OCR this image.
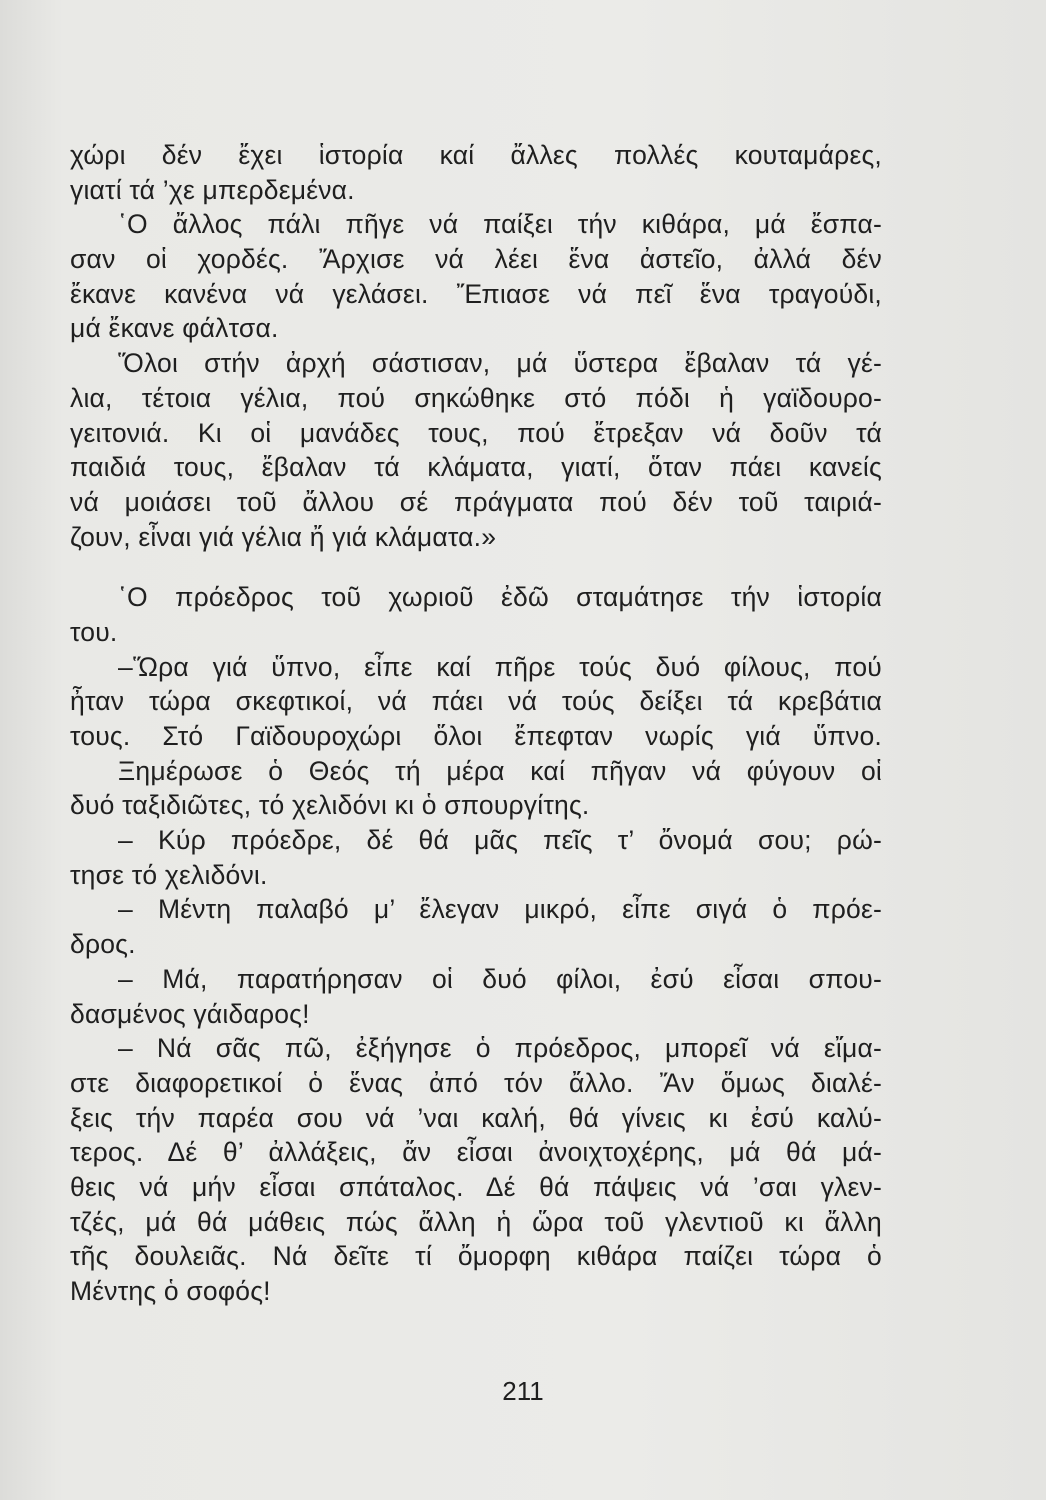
χώρι δέν ἔχει ἱστορία καί ἄλλες πολλές κουταμάρες,
γιατί τά ’χε μπερδεμένα.
῾Ο ἄλλος πάλι πῆγε νά παίξει τήν κιθάρα, μά ἔσπα-
σαν οἱ χορδές. Ἄρχισε νά λέει ἕνα ἀστεῖο, ἀλλά δέν
ἔκανε κανένα νά γελάσει. Ἔπιασε νά πεῖ ἕνα τραγούδι,
μά ἔκανε φάλτσα.
Ὅλοι στήν ἀρχή σάστισαν, μά ὕστερα ἔβαλαν τά γέ-
λια, τέτοια γέλια, πού σηκώθηκε στό πόδι ἡ γαϊδουρο-
γειτονιά. Κι οἱ μανάδες τους, πού ἔτρεξαν νά δοῦν τά
παιδιά τους, ἔβαλαν τά κλάματα, γιατί, ὅταν πάει κανείς
νά μοιάσει τοῦ ἄλλου σέ πράγματα πού δέν τοῦ ταιριά-
ζουν, εἶναι γιά γέλια ἤ γιά κλάματα.»
῾Ο πρόεδρος τοῦ χωριοῦ ἐδῶ σταμάτησε τήν ἱστορία
του.
–Ὥρα γιά ὕπνο, εἶπε καί πῆρε τούς δυό φίλους, πού
ἦταν τώρα σκεφτικοί, νά πάει νά τούς δείξει τά κρεβάτια
τους. Στό Γαϊδουροχώρι ὅλοι ἔπεφταν νωρίς γιά ὕπνο.
Ξημέρωσε ὁ Θεός τή μέρα καί πῆγαν νά φύγουν οἱ
δυό ταξιδιῶτες, τό χελιδόνι κι ὁ σπουργίτης.
– Κύρ πρόεδρε, δέ θά μᾶς πεῖς τ’ ὄνομά σου; ρώ-
τησε τό χελιδόνι.
– Μέντη παλαβό μ’ ἔλεγαν μικρό, εἶπε σιγά ὁ πρόε-
δρος.
– Μά, παρατήρησαν οἱ δυό φίλοι, ἐσύ εἶσαι σπου-
δασμένος γάιδαρος!
– Νά σᾶς πῶ, ἐξήγησε ὁ πρόεδρος, μπορεῖ νά εἴμα-
στε διαφορετικοί ὁ ἕνας ἀπό τόν ἄλλο. Ἄν ὅμως διαλέ-
ξεις τήν παρέα σου νά ’ναι καλή, θά γίνεις κι ἐσύ καλύ-
τερος. Δέ θ’ ἀλλάξεις, ἄν εἶσαι ἀνοιχτοχέρης, μά θά μά-
θεις νά μήν εἶσαι σπάταλος. Δέ θά πάψεις νά ’σαι γλεν-
τζές, μά θά μάθεις πώς ἄλλη ἡ ὥρα τοῦ γλεντιοῦ κι ἄλλη
τῆς δουλειᾶς. Νά δεῖτε τί ὄμορφη κιθάρα παίζει τώρα ὁ
Μέντης ὁ σοφός!
211
